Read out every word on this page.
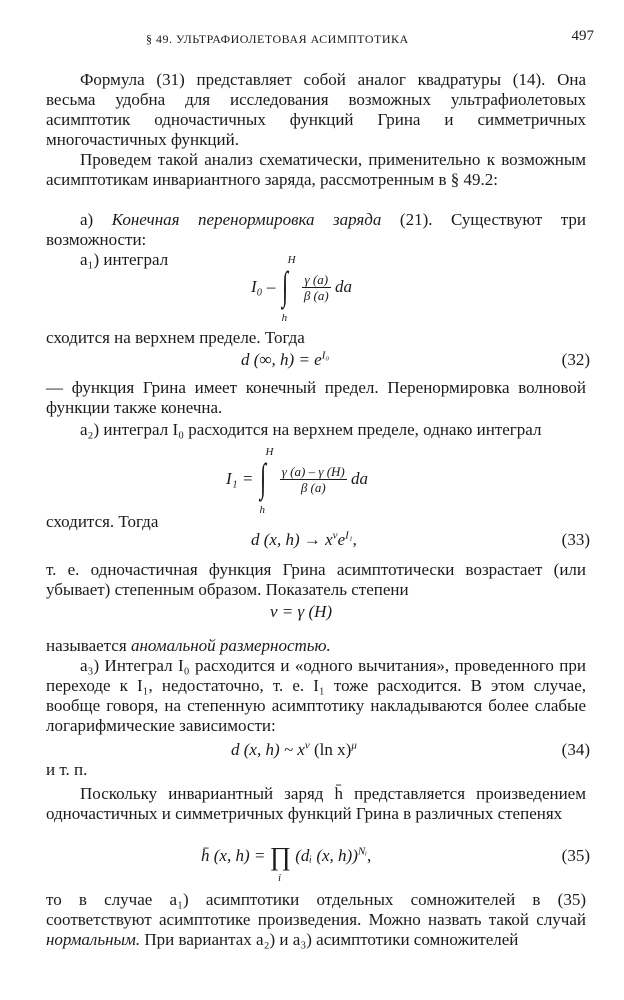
§ 49. УЛЬТРАФИОЛЕТОВАЯ АСИМПТОТИКА	497

Формула (31) представляет собой аналог квадратуры (14). Она весьма удобна для исследования возможных ультрафиолетовых асимптотик одночастичных функций Грина и симметричных многочастичных функций.

Проведем такой анализ схематически, применительно к возможным асимптотикам инвариантного заряда, рассмотренным в § 49.2:

а) Конечная перенормировка заряда (21). Существуют три возможности:

а₁) интеграл

I₀ – ∫
H
h

$\frac{\gamma (a)}{\beta (a)}$ da

сходится на верхнем пределе. Тогда

d (∞, $h) = e^{I_0}$	(32)

— функция Грина имеет конечный предел. Перенормировка волновой функции также конечна.

а₂) интеграл I₀ расходится на верхнем пределе, однако интеграл

I₁ = ∫
H
h

$\frac{\gamma (a) - \gamma (H)}{\beta (a)}$ da

сходится. Тогда

d (x, $h) \to x^\nu e^{I_1}$,	(33)

т. е. одночастичная функция Грина асимптотически возрастает (или убывает) степенным образом. Показатель степени

ν = γ (H)

называется аномальной размерностью.

а₃) Интеграл I₀ расходится и «одного вычитания», проведенного при переходе к I₁, недостаточно, т. е. I₁ тоже расходится. В этом случае, вообще говоря, на степенную асимптотику накладываются более слабые логарифмические зависимости:

d (x, h) ~ $x^\nu$ (ln x)$^\mu$	(34)

и т. п.

Поскольку инвариантный заряд h̄ представляется произведением одночастичных и симметричных функций Грина в различных степенях

h̄ (x, h) = ∏ (dᵢ (x, h))$^{Nᵢ}$,
i
(35)

то в случае а₁) асимптотики отдельных сомножителей в (35) соответствуют асимптотике произведения. Можно назвать такой случай нормальным. При вариантах а₂) и а₃) асимптотики сомножителей
